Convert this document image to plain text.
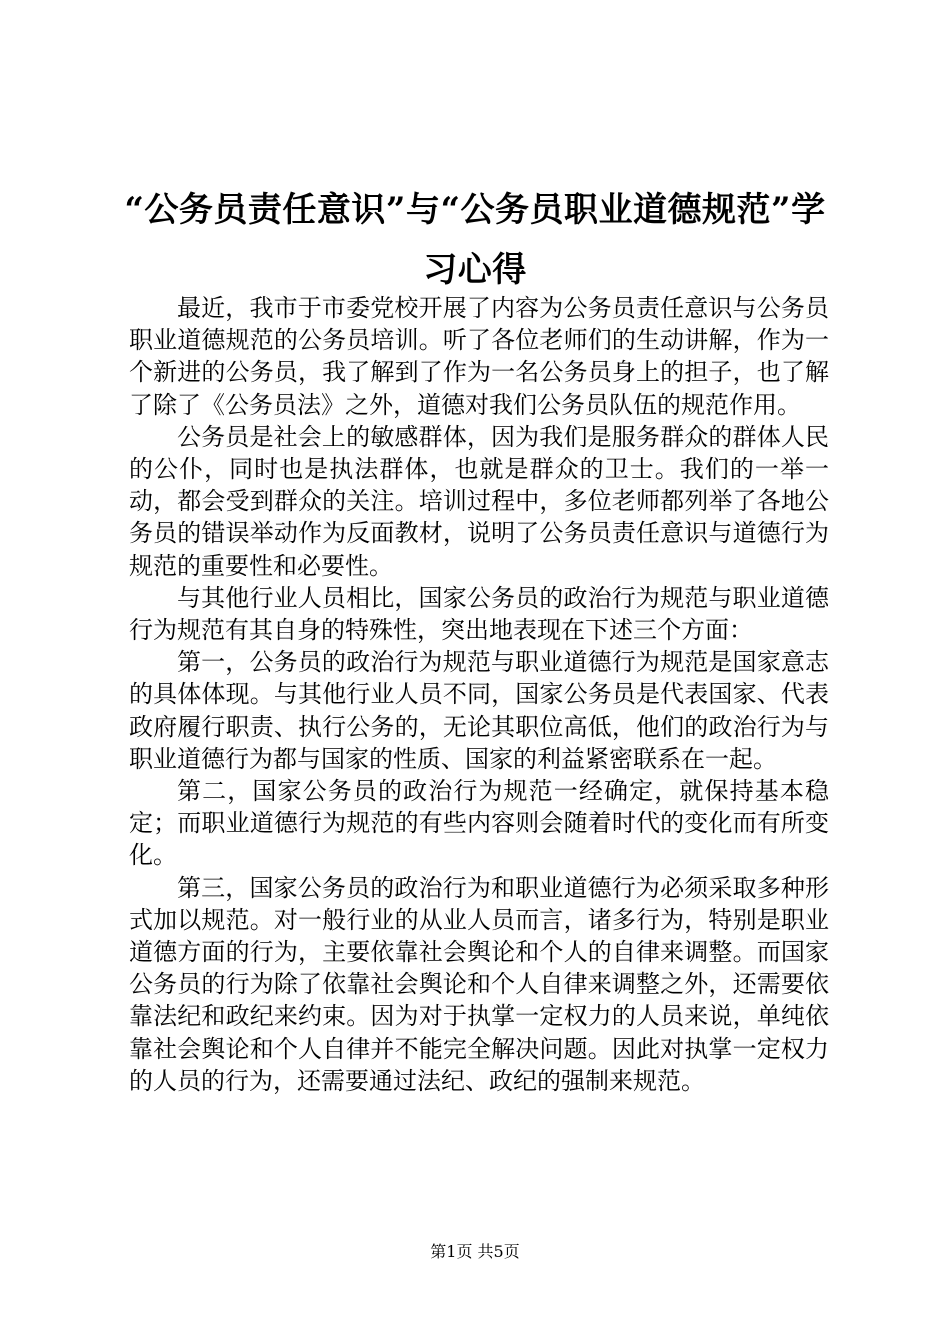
“公务员责任意识”与“公务员职业道德规范”学习心得

最近，我市于市委党校开展了内容为公务员责任意识与公务员职业道德规范的公务员培训。听了各位老师们的生动讲解，作为一个新进的公务员，我了解到了作为一名公务员身上的担子，也了解了除了《公务员法》之外，道德对我们公务员队伍的规范作用。

公务员是社会上的敏感群体，因为我们是服务群众的群体人民的公仆，同时也是执法群体，也就是群众的卫士。我们的一举一动，都会受到群众的关注。培训过程中，多位老师都列举了各地公务员的错误举动作为反面教材，说明了公务员责任意识与道德行为规范的重要性和必要性。

与其他行业人员相比，国家公务员的政治行为规范与职业道德行为规范有其自身的特殊性，突出地表现在下述三个方面：

第一，公务员的政治行为规范与职业道德行为规范是国家意志的具体体现。与其他行业人员不同，国家公务员是代表国家、代表政府履行职责、执行公务的，无论其职位高低，他们的政治行为与职业道德行为都与国家的性质、国家的利益紧密联系在一起。

第二，国家公务员的政治行为规范一经确定，就保持基本稳定；而职业道德行为规范的有些内容则会随着时代的变化而有所变化。

第三，国家公务员的政治行为和职业道德行为必须采取多种形式加以规范。对一般行业的从业人员而言，诸多行为，特别是职业道德方面的行为，主要依靠社会舆论和个人的自律来调整。而国家公务员的行为除了依靠社会舆论和个人自律来调整之外，还需要依靠法纪和政纪来约束。因为对于执掌一定权力的人员来说，单纯依靠社会舆论和个人自律并不能完全解决问题。因此对执掌一定权力的人员的行为，还需要通过法纪、政纪的强制来规范。

第1页 共5页
